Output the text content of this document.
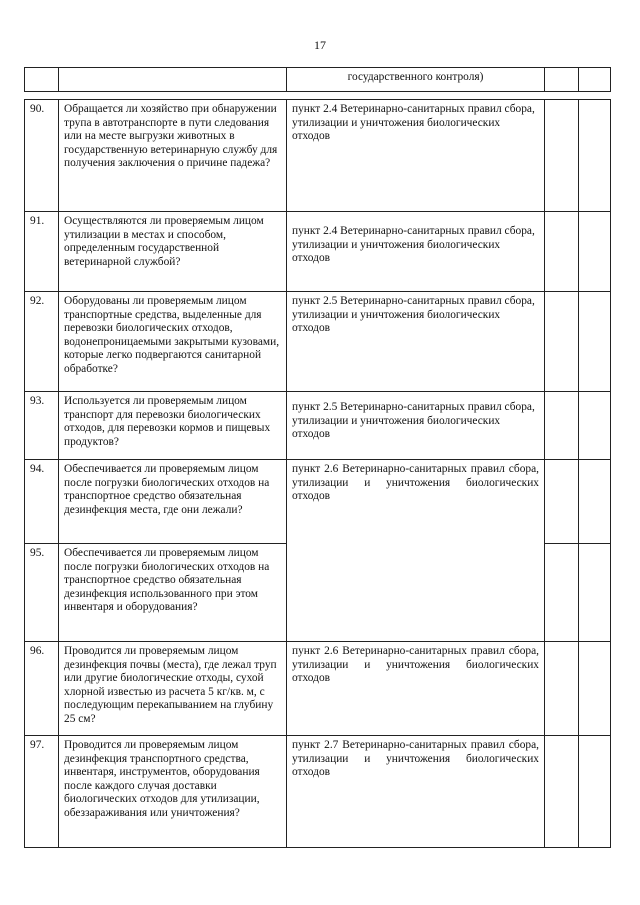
17
		государственного контроля)		

90.	Обращается ли хозяйство при обнаружении трупа в автотранспорте в пути следования или на месте выгрузки животных в государственную ветеринарную службу для получения заключения о причине падежа?	пункт 2.4 Ветеринарно-санитарных правил сбора, утилизации и уничтожения биологических отходов		
91.	Осуществляются ли проверяемым лицом утилизации в местах и способом, определенным государственной ветеринарной службой?	пункт 2.4 Ветеринарно-санитарных правил сбора, утилизации и уничтожения биологических отходов		

92.	Оборудованы ли проверяемым лицом транспортные средства, выделенные для перевозки биологических отходов, водонепроницаемыми закрытыми кузовами, которые легко подвергаются санитарной обработке?	пункт 2.5 Ветеринарно-санитарных правил сбора, утилизации и уничтожения биологических отходов		
93.	Используется ли проверяемым лицом транспорт для перевозки биологических отходов, для перевозки кормов и пищевых продуктов?	пункт 2.5 Ветеринарно-санитарных правил сбора, утилизации и уничтожения биологических отходов		

94.	Обеспечивается ли проверяемым лицом после погрузки биологических отходов на транспортное средство обязательная дезинфекция места, где они лежали?	пункт 2.6 Ветеринарно-санитарных правил сбора, утилизации и уничтожения биологических отходов		
95.	Обеспечивается ли проверяемым лицом после погрузки биологических отходов на транспортное средство обязательная дезинфекция использованного при этом инвентаря и оборудования?			
96.	Проводится ли проверяемым лицом дезинфекция почвы (места), где лежал труп или другие биологические отходы, сухой хлорной известью из расчета 5 кг/кв. м, с последующим перекапыванием на глубину 25 см?	пункт 2.6 Ветеринарно-санитарных правил сбора, утилизации и уничтожения биологических отходов		
97.	Проводится ли проверяемым лицом дезинфекция транспортного средства, инвентаря, инструментов, оборудования после каждого случая доставки биологических отходов для утилизации, обеззараживания или уничтожения?	пункт 2.7 Ветеринарно-санитарных правил сбора, утилизации и уничтожения биологических отходов		
